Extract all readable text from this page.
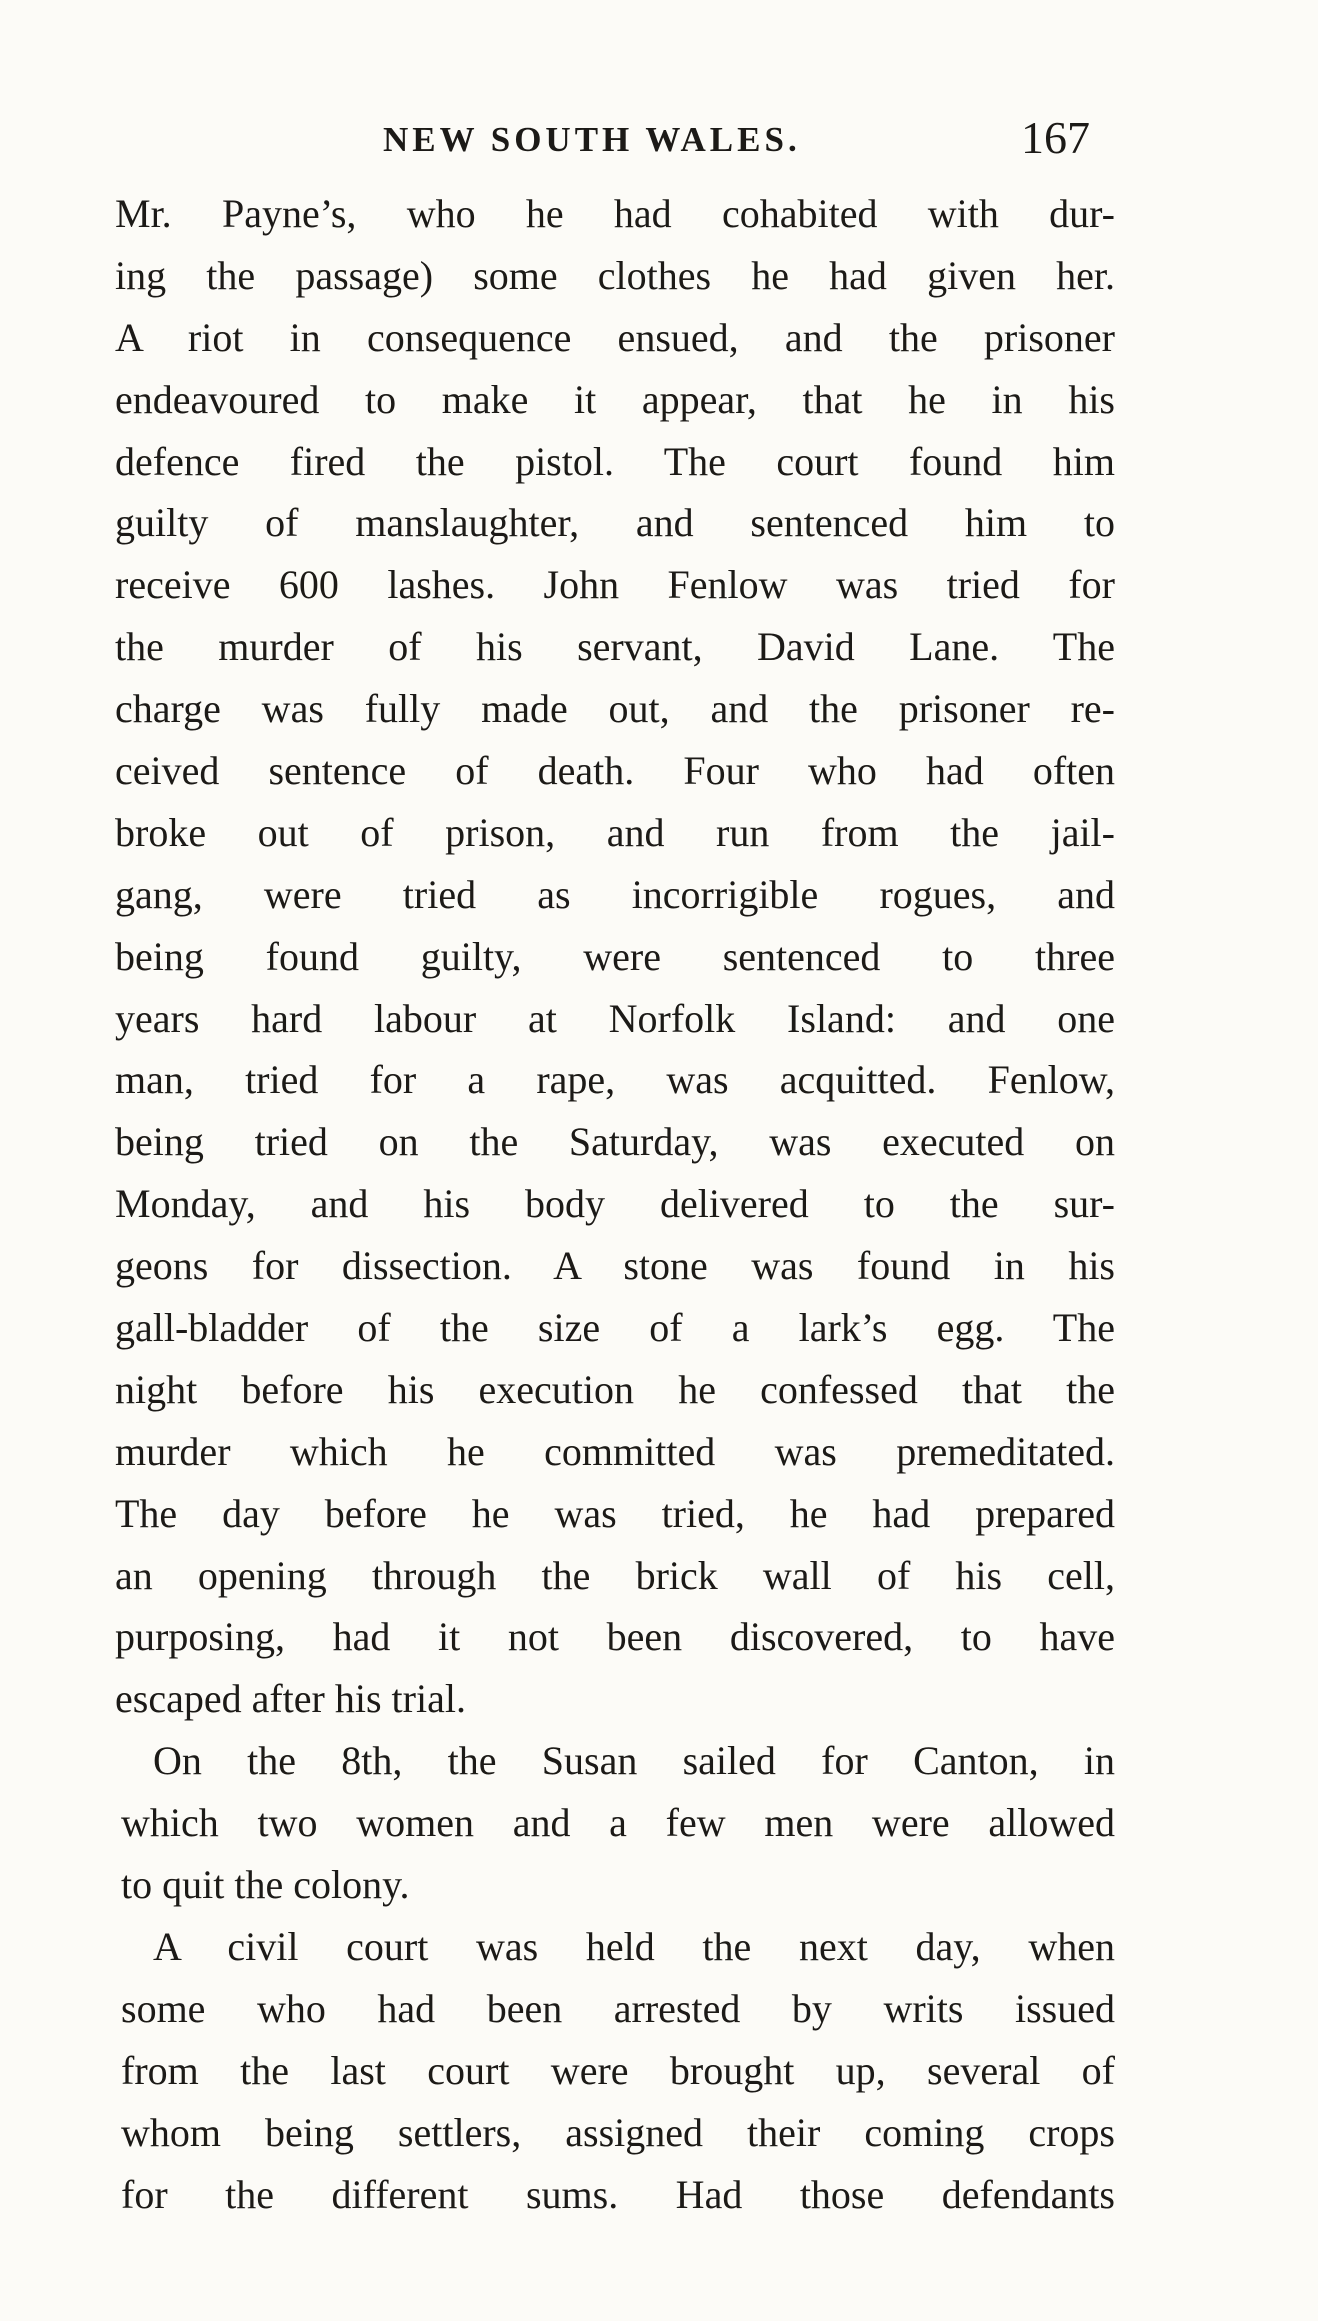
NEW SOUTH WALES.	167
Mr. Payne’s, who he had cohabited with dur-
ing the passage) some clothes he had given her.
A riot in consequence ensued, and the prisoner
endeavoured to make it appear, that he in his
defence fired the pistol. The court found him
guilty of manslaughter, and sentenced him to
receive 600 lashes. John Fenlow was tried for
the murder of his servant, David Lane. The
charge was fully made out, and the prisoner re-
ceived sentence of death. Four who had often
broke out of prison, and run from the jail-
gang, were tried as incorrigible rogues, and
being found guilty, were sentenced to three
years hard labour at Norfolk Island: and one
man, tried for a rape, was acquitted. Fenlow,
being tried on the Saturday, was executed on
Monday, and his body delivered to the sur-
geons for dissection. A stone was found in his
gall-bladder of the size of a lark’s egg. The
night before his execution he confessed that the
murder which he committed was premeditated.
The day before he was tried, he had prepared
an opening through the brick wall of his cell,
purposing, had it not been discovered, to have
escaped after his trial.
On the 8th, the Susan sailed for Canton, in
which two women and a few men were allowed
to quit the colony.
A civil court was held the next day, when
some who had been arrested by writs issued
from the last court were brought up, several of
whom being settlers, assigned their coming crops
for the different sums. Had those defendants
